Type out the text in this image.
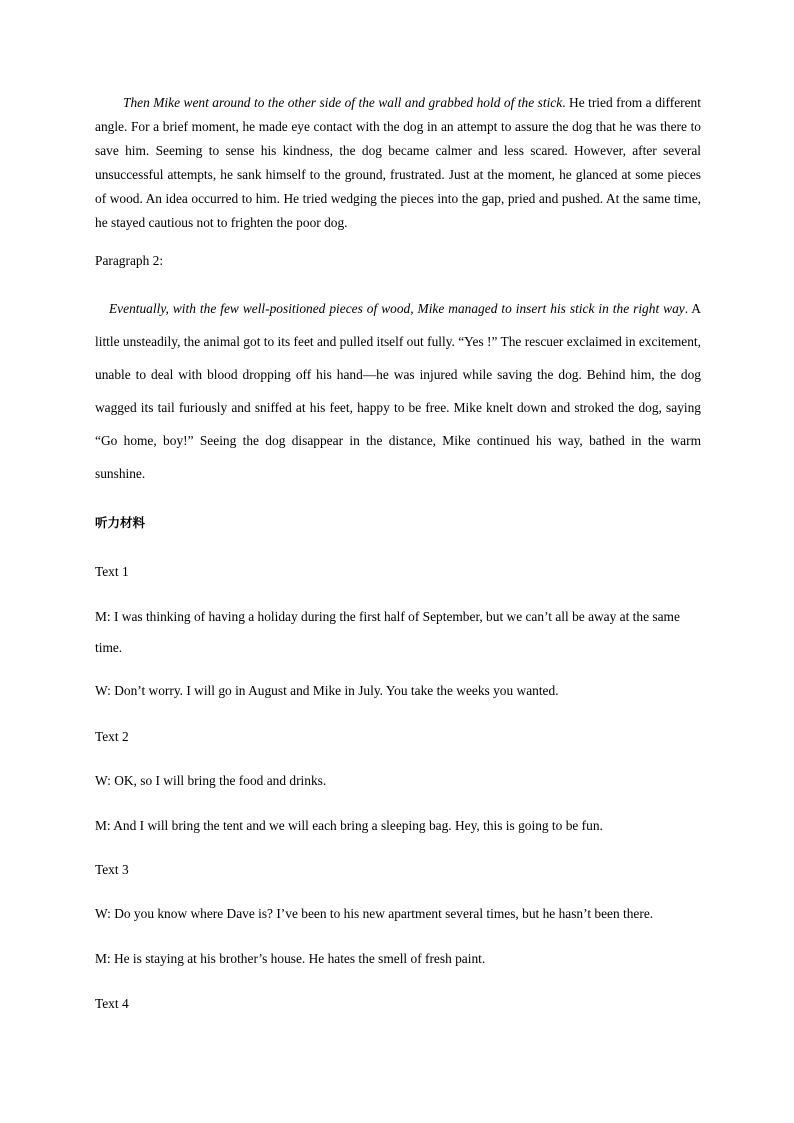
Then Mike went around to the other side of the wall and grabbed hold of the stick. He tried from a different angle. For a brief moment, he made eye contact with the dog in an attempt to assure the dog that he was there to save him. Seeming to sense his kindness, the dog became calmer and less scared. However, after several unsuccessful attempts, he sank himself to the ground, frustrated. Just at the moment, he glanced at some pieces of wood. An idea occurred to him. He tried wedging the pieces into the gap, pried and pushed. At the same time, he stayed cautious not to frighten the poor dog.

Paragraph 2:

Eventually, with the few well-positioned pieces of wood, Mike managed to insert his stick in the right way. A little unsteadily, the animal got to its feet and pulled itself out fully. “Yes !” The rescuer exclaimed in excitement, unable to deal with blood dropping off his hand—he was injured while saving the dog. Behind him, the dog wagged its tail furiously and sniffed at his feet, happy to be free. Mike knelt down and stroked the dog, saying “Go home, boy!” Seeing the dog disappear in the distance, Mike continued his way, bathed in the warm sunshine.

听力材料

Text 1

M: I was thinking of having a holiday during the first half of September, but we can’t all be away at the same time.

W: Don’t worry. I will go in August and Mike in July. You take the weeks you wanted.

Text 2

W: OK, so I will bring the food and drinks.

M: And I will bring the tent and we will each bring a sleeping bag. Hey, this is going to be fun.

Text 3

W: Do you know where Dave is? I’ve been to his new apartment several times, but he hasn’t been there.

M: He is staying at his brother’s house. He hates the smell of fresh paint.

Text 4
